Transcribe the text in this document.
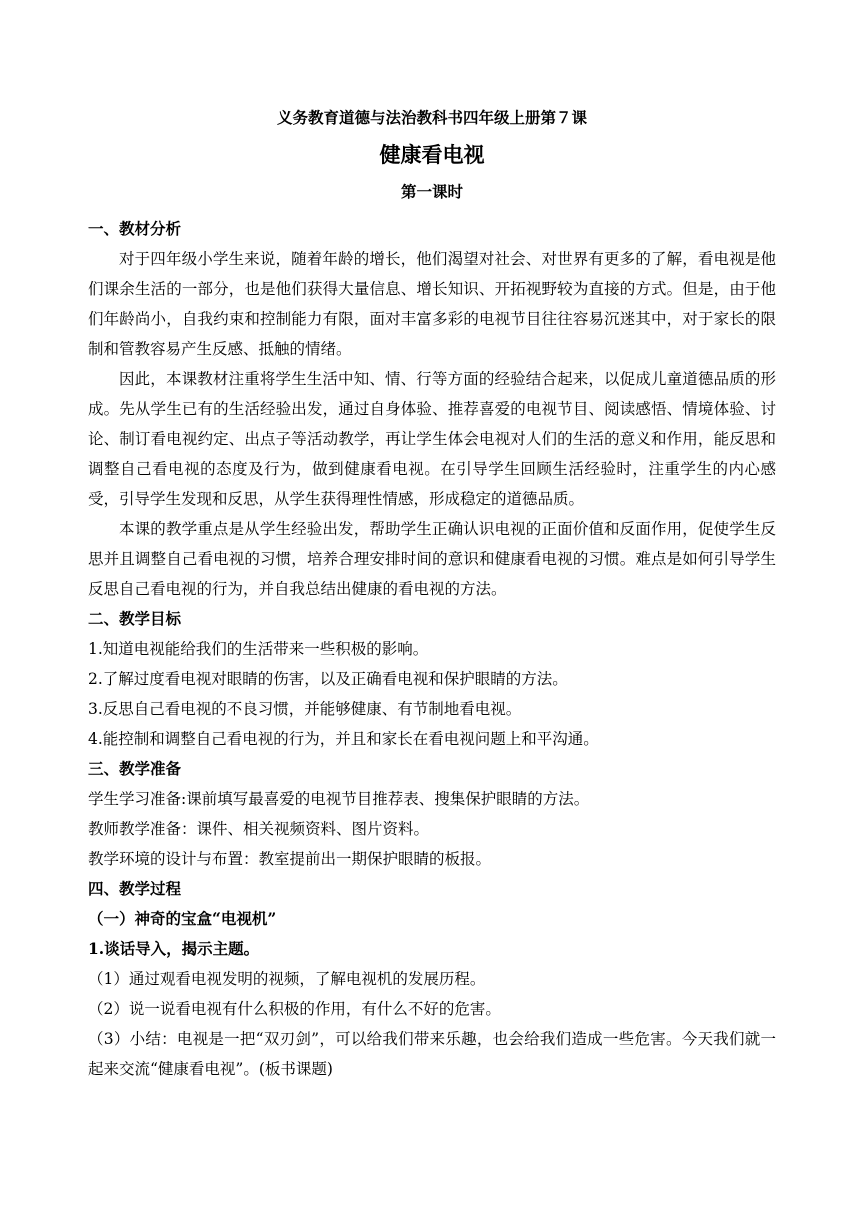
义务教育道德与法治教科书四年级上册第７课
健康看电视
第一课时
一、教材分析

对于四年级小学生来说，随着年龄的增长，他们渴望对社会、对世界有更多的了解，看电视是他们课余生活的一部分，也是他们获得大量信息、增长知识、开拓视野较为直接的方式。但是，由于他们年龄尚小，自我约束和控制能力有限，面对丰富多彩的电视节目往往容易沉迷其中，对于家长的限制和管教容易产生反感、抵触的情绪。

因此，本课教材注重将学生生活中知、情、行等方面的经验结合起来，以促成儿童道德品质的形成。先从学生已有的生活经验出发，通过自身体验、推荐喜爱的电视节目、阅读感悟、情境体验、讨论、制订看电视约定、出点子等活动教学，再让学生体会电视对人们的生活的意义和作用，能反思和调整自己看电视的态度及行为，做到健康看电视。在引导学生回顾生活经验时，注重学生的内心感受，引导学生发现和反思，从学生获得理性情感，形成稳定的道德品质。

本课的教学重点是从学生经验出发，帮助学生正确认识电视的正面价值和反面作用，促使学生反思并且调整自己看电视的习惯，培养合理安排时间的意识和健康看电视的习惯。难点是如何引导学生反思自己看电视的行为，并自我总结出健康的看电视的方法。

二、教学目标

1.知道电视能给我们的生活带来一些积极的影响。

2.了解过度看电视对眼睛的伤害，以及正确看电视和保护眼睛的方法。

3.反思自己看电视的不良习惯，并能够健康、有节制地看电视。

4.能控制和调整自己看电视的行为，并且和家长在看电视问题上和平沟通。

三、教学准备

学生学习准备:课前填写最喜爱的电视节目推荐表、搜集保护眼睛的方法。

教师教学准备：课件、相关视频资料、图片资料。

教学环境的设计与布置：教室提前出一期保护眼睛的板报。

四、教学过程
（一）神奇的宝盒“电视机”
1.谈话导入，揭示主题。

（1）通过观看电视发明的视频，了解电视机的发展历程。

（2）说一说看电视有什么积极的作用，有什么不好的危害。

（3）小结：电视是一把“双刃剑”，可以给我们带来乐趣，也会给我们造成一些危害。今天我们就一起来交流“健康看电视”。(板书课题)
